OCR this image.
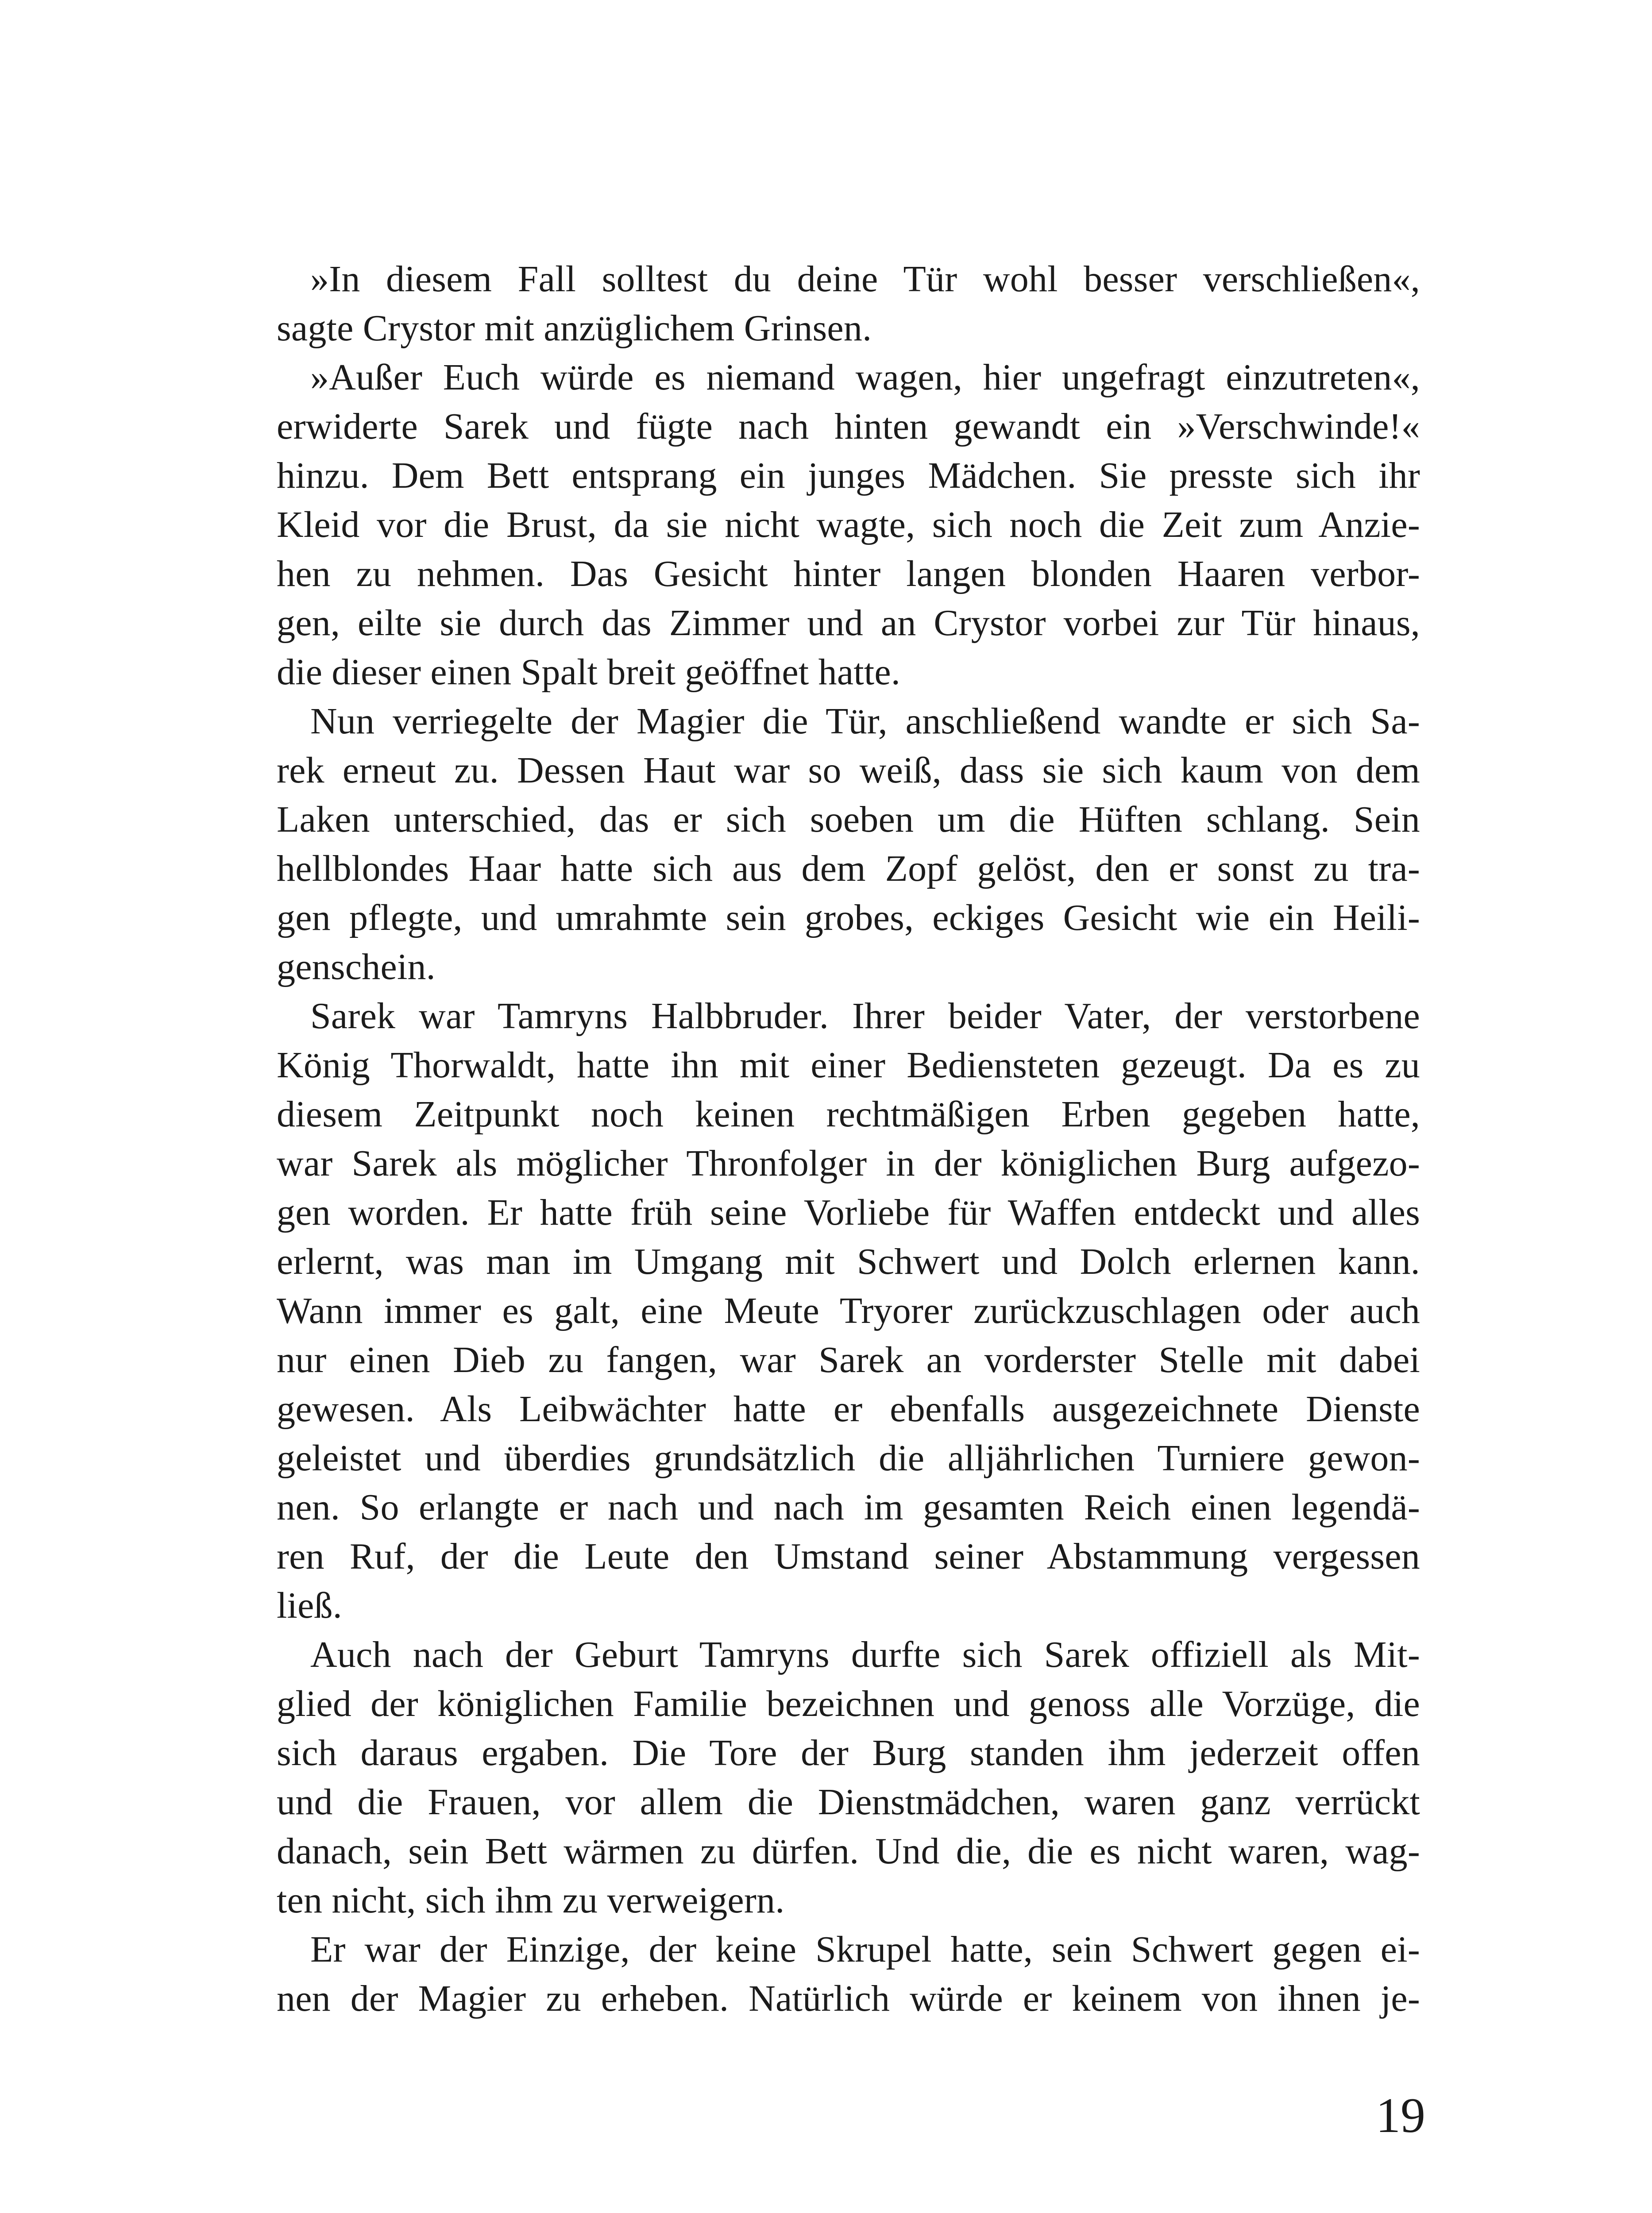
»In diesem Fall solltest du deine Tür wohl besser verschließen«,
sagte Crystor mit anzüglichem Grinsen.
»Außer Euch würde es niemand wagen, hier ungefragt einzutreten«,
erwiderte Sarek und fügte nach hinten gewandt ein »Verschwinde!«
hinzu. Dem Bett entsprang ein junges Mädchen. Sie presste sich ihr
Kleid vor die Brust, da sie nicht wagte, sich noch die Zeit zum Anzie-
hen zu nehmen. Das Gesicht hinter langen blonden Haaren verbor-
gen, eilte sie durch das Zimmer und an Crystor vorbei zur Tür hinaus,
die dieser einen Spalt breit geöffnet hatte.
Nun verriegelte der Magier die Tür, anschließend wandte er sich Sa-
rek erneut zu. Dessen Haut war so weiß, dass sie sich kaum von dem
Laken unterschied, das er sich soeben um die Hüften schlang. Sein
hellblondes Haar hatte sich aus dem Zopf gelöst, den er sonst zu tra-
gen pflegte, und umrahmte sein grobes, eckiges Gesicht wie ein Heili-
genschein.
Sarek war Tamryns Halbbruder. Ihrer beider Vater, der verstorbene
König Thorwaldt, hatte ihn mit einer Bediensteten gezeugt. Da es zu
diesem Zeitpunkt noch keinen rechtmäßigen Erben gegeben hatte,
war Sarek als möglicher Thronfolger in der königlichen Burg aufgezo-
gen worden. Er hatte früh seine Vorliebe für Waffen entdeckt und alles
erlernt, was man im Umgang mit Schwert und Dolch erlernen kann.
Wann immer es galt, eine Meute Tryorer zurückzuschlagen oder auch
nur einen Dieb zu fangen, war Sarek an vorderster Stelle mit dabei
gewesen. Als Leibwächter hatte er ebenfalls ausgezeichnete Dienste
geleistet und überdies grundsätzlich die alljährlichen Turniere gewon-
nen. So erlangte er nach und nach im gesamten Reich einen legendä-
ren Ruf, der die Leute den Umstand seiner Abstammung vergessen
ließ.
Auch nach der Geburt Tamryns durfte sich Sarek offiziell als Mit-
glied der königlichen Familie bezeichnen und genoss alle Vorzüge, die
sich daraus ergaben. Die Tore der Burg standen ihm jederzeit offen
und die Frauen, vor allem die Dienstmädchen, waren ganz verrückt
danach, sein Bett wärmen zu dürfen. Und die, die es nicht waren, wag-
ten nicht, sich ihm zu verweigern.
Er war der Einzige, der keine Skrupel hatte, sein Schwert gegen ei-
nen der Magier zu erheben. Natürlich würde er keinem von ihnen je-
19
